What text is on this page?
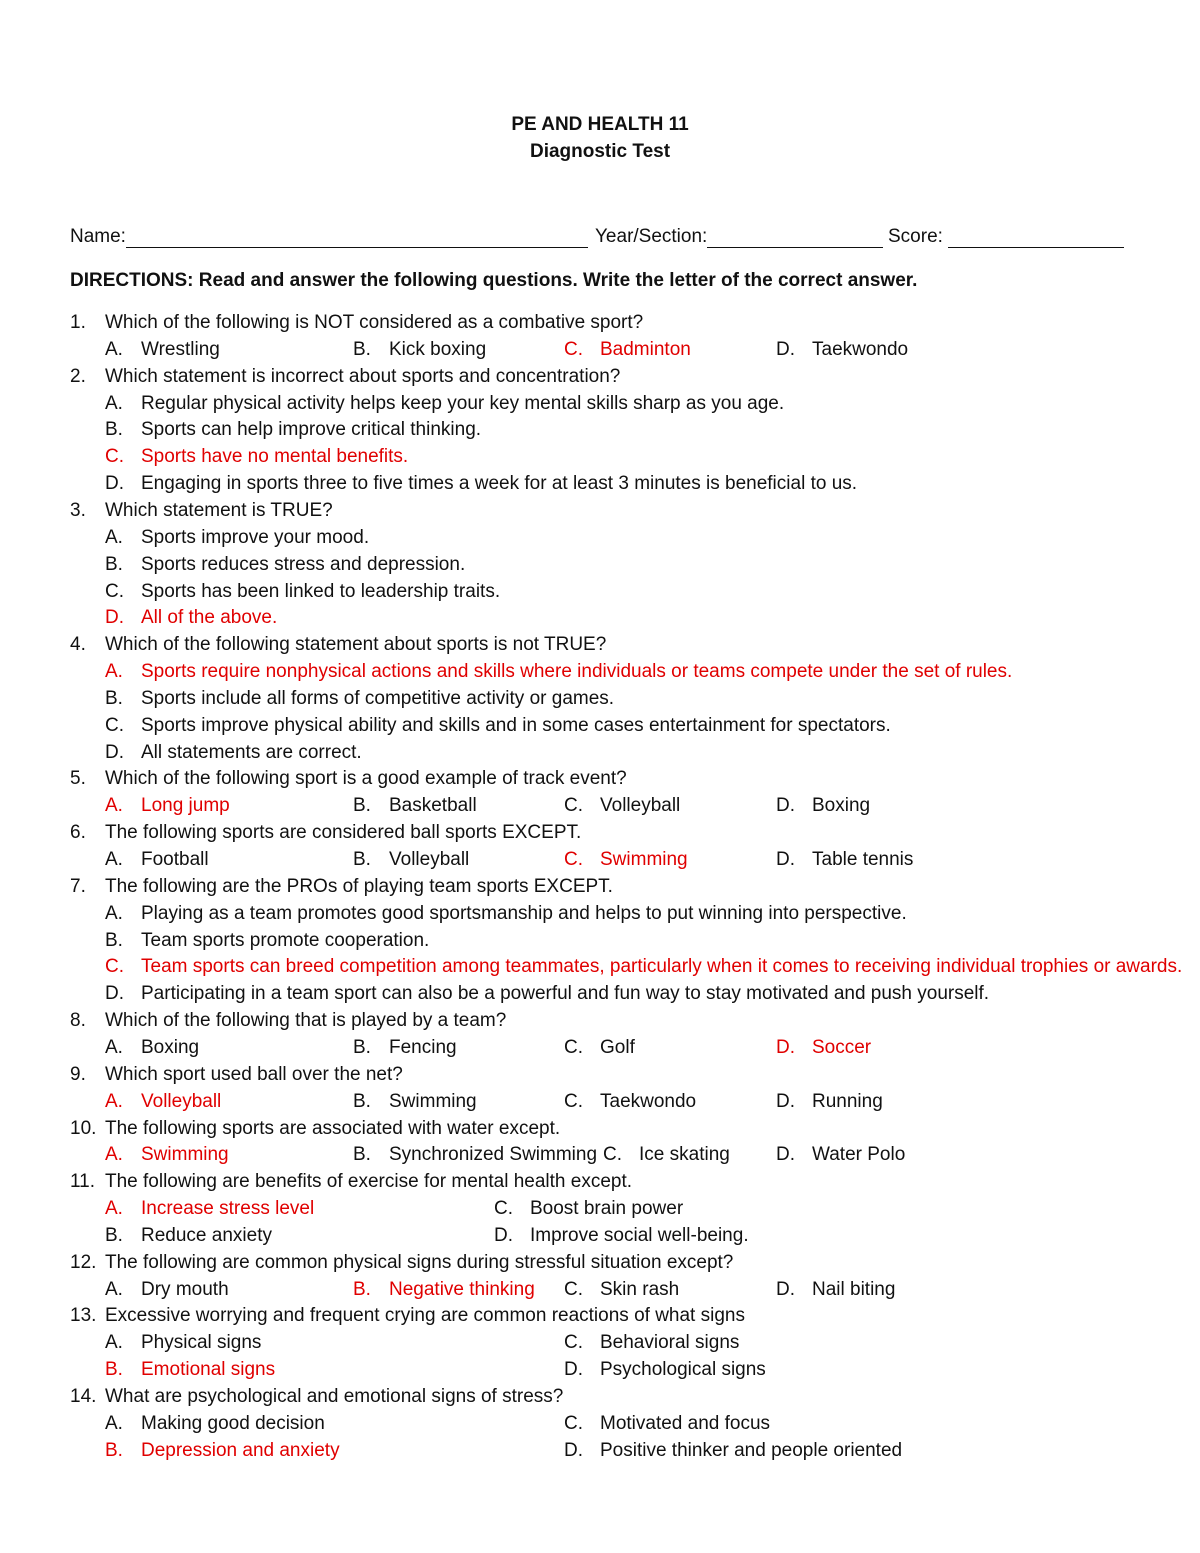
PE AND HEALTH 11
Diagnostic Test
Name:	Year/Section:	Score:
DIRECTIONS: Read and answer the following questions. Write the letter of the correct answer.
1. Which of the following is NOT considered as a combative sport?
A. Wrestling	B. Kick boxing	C. Badminton	D. Taekwondo
2. Which statement is incorrect about sports and concentration?
A. Regular physical activity helps keep your key mental skills sharp as you age.
B. Sports can help improve critical thinking.
C. Sports have no mental benefits.
D. Engaging in sports three to five times a week for at least 3 minutes is beneficial to us.
3. Which statement is TRUE?
A. Sports improve your mood.
B. Sports reduces stress and depression.
C. Sports has been linked to leadership traits.
D. All of the above.
4. Which of the following statement about sports is not TRUE?
A. Sports require nonphysical actions and skills where individuals or teams compete under the set of rules.
B. Sports include all forms of competitive activity or games.
C. Sports improve physical ability and skills and in some cases entertainment for spectators.
D. All statements are correct.
5. Which of the following sport is a good example of track event?
A. Long jump	B. Basketball	C. Volleyball	D. Boxing
6. The following sports are considered ball sports EXCEPT.
A. Football	B. Volleyball	C. Swimming	D. Table tennis
7. The following are the PROs of playing team sports EXCEPT.
A. Playing as a team promotes good sportsmanship and helps to put winning into perspective.
B. Team sports promote cooperation.
C. Team sports can breed competition among teammates, particularly when it comes to receiving individual trophies or awards.
D. Participating in a team sport can also be a powerful and fun way to stay motivated and push yourself.
8. Which of the following that is played by a team?
A. Boxing	B. Fencing	C. Golf	D. Soccer
9. Which sport used ball over the net?
A. Volleyball	B. Swimming	C. Taekwondo	D. Running
10. The following sports are associated with water except.
A. Swimming	B. Synchronized Swimming C. Ice skating D. Water Polo
11. The following are benefits of exercise for mental health except.
A. Increase stress level	C. Boost brain power
B. Reduce anxiety	D. Improve social well-being.
12. The following are common physical signs during stressful situation except?
A. Dry mouth	B. Negative thinking C. Skin rash	D. Nail biting
13. Excessive worrying and frequent crying are common reactions of what signs
A. Physical signs	C. Behavioral signs
B. Emotional signs	D. Psychological signs
14. What are psychological and emotional signs of stress?
A. Making good decision	C. Motivated and focus
B. Depression and anxiety	D. Positive thinker and people oriented
